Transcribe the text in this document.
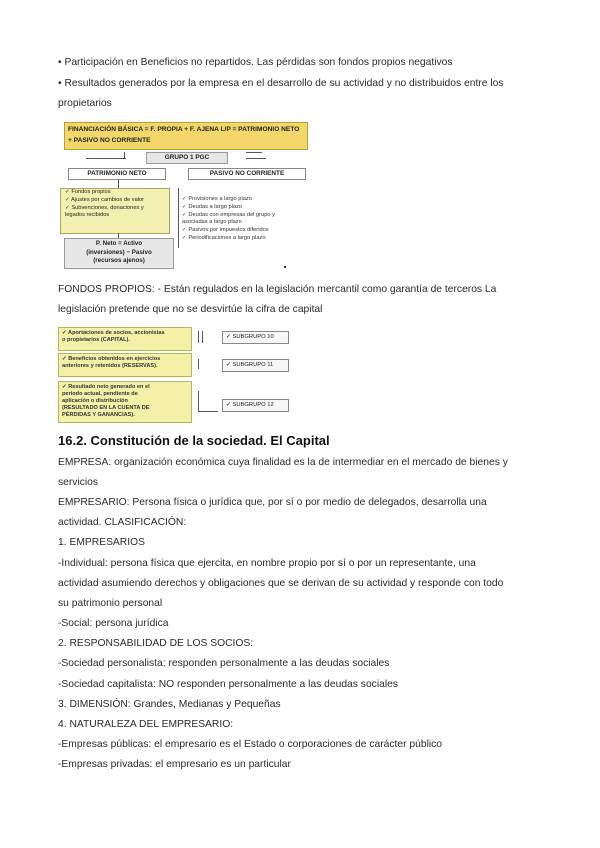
• Participación en Beneficios no repartidos. Las pérdidas son fondos propios negativos
• Resultados generados por la empresa en el desarrollo de su actividad y no distribuidos entre los
propietarios
FINANCIACIÓN BÁSICA = F. PROPIA + F. AJENA L/P = PATRIMONIO NETO
+ PASIVO NO CORRIENTE
GRUPO 1 PGC
PATRIMONIO NETO	PASIVO NO CORRIENTE
✓ Fondos propios
✓ Ajustes por cambios de valor
✓ Subvenciones, donaciones y
legados recibidos
P. Neto = Activo
(inversiones) − Pasivo
(recursos ajenos)
✓ Provisiones a largo plazo
✓ Deudas a largo plazo
✓ Deudas con empresas del grupo y
asociadas a largo plazo
✓ Pasivos por impuestos diferidos
✓ Periodificaciones a largo plazo
FONDOS PROPIOS: - Están regulados en la legislación mercantil como garantía de terceros La
legislación pretende que no se desvirtúe la cifra de capital
✓ Aportaciones de socios, accionistas
o propietarios (CAPITAL).
✓ Beneficios obtenidos en ejercicios
anteriores y retenidos (RESERVAS).
✓ Resultado neto generado en el
periodo actual, pendiente de
aplicación o distribución
(RESULTADO EN LA CUENTA DE
PÉRDIDAS Y GANANCIAS).
✓ SUBGRUPO 10
✓ SUBGRUPO 11
✓ SUBGRUPO 12
16.2. Constitución de la sociedad. El Capital
EMPRESA: organización económica cuya finalidad es la de intermediar en el mercado de bienes y
servicios
EMPRESARIO: Persona física o jurídica que, por sí o por medio de delegados, desarrolla una
actividad. CLASIFICACIÓN:
1. EMPRESARIOS
-Individual: persona física que ejercita, en nombre propio por sí o por un representante, una
actividad asumiendo derechos y obligaciones que se derivan de su actividad y responde con todo
su patrimonio personal
-Social: persona jurídica
2. RESPONSABILIDAD DE LOS SOCIOS:
-Sociedad personalista: responden personalmente a las deudas sociales
-Sociedad capitalista: NO responden personalmente a las deudas sociales
3. DIMENSIÓN: Grandes, Medianas y Pequeñas
4. NATURALEZA DEL EMPRESARIO:
-Empresas públicas: el empresario es el Estado o corporaciones de carácter público
-Empresas privadas: el empresario es un particular
